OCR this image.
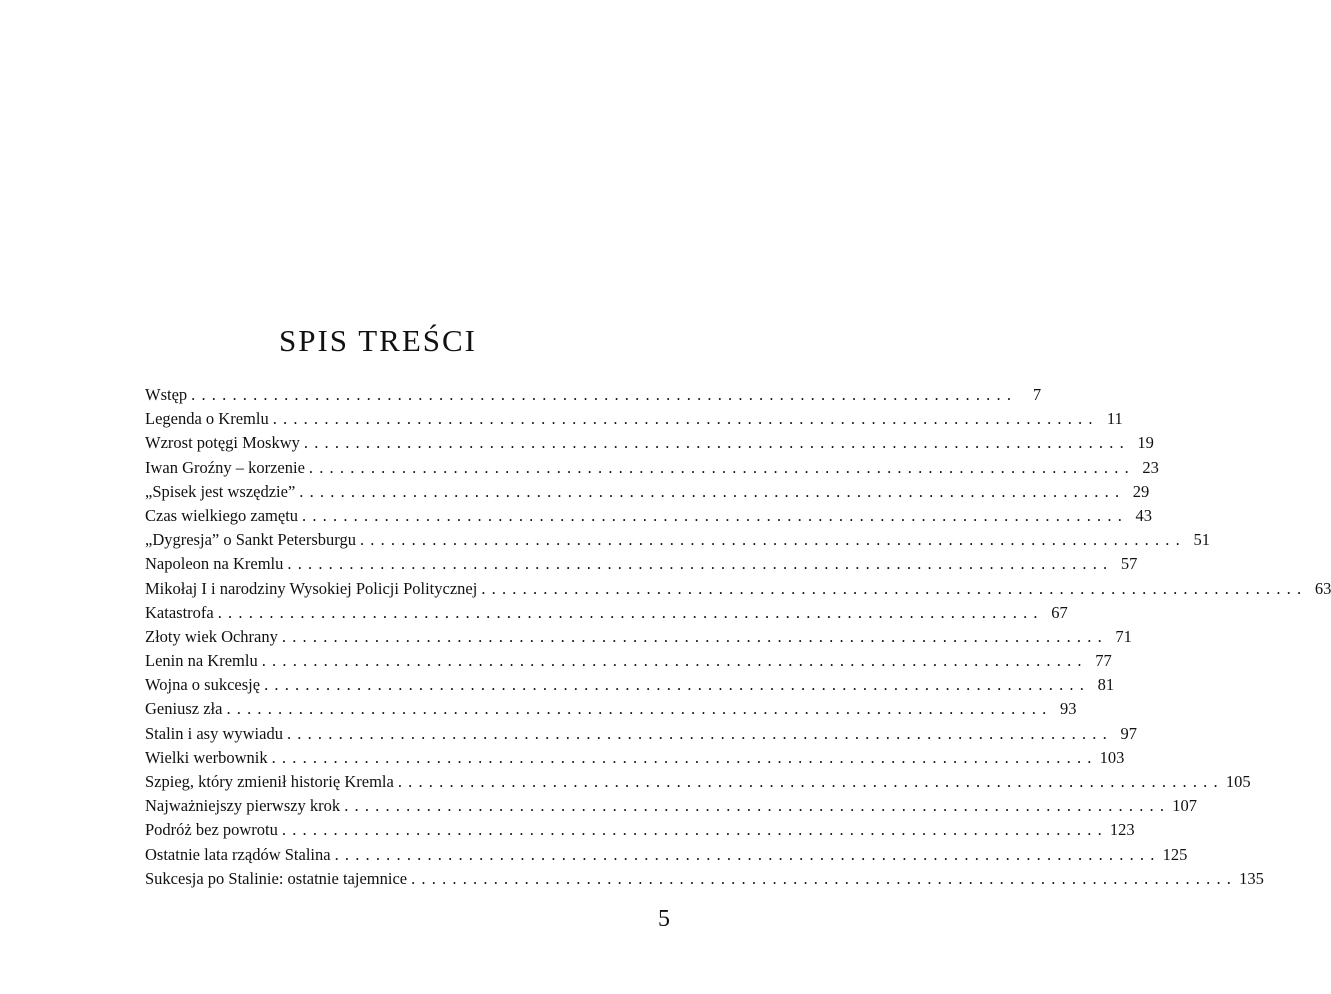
SPIS TREŚCI
Wstęp ................................................................................ 7
Legenda o Kremlu ................................................................................ 11
Wzrost potęgi Moskwy ................................................................................ 19
Iwan Groźny – korzenie ................................................................................ 23
„Spisek jest wszędzie” ................................................................................ 29
Czas wielkiego zamętu ................................................................................ 43
„Dygresja” o Sankt Petersburgu ................................................................................ 51
Napoleon na Kremlu ................................................................................ 57
Mikołaj I i narodziny Wysokiej Policji Politycznej ................................................................................ 63
Katastrofa ................................................................................ 67
Złoty wiek Ochrany ................................................................................ 71
Lenin na Kremlu ................................................................................ 77
Wojna o sukcesję ................................................................................ 81
Geniusz zła ................................................................................ 93
Stalin i asy wywiadu ................................................................................ 97
Wielki werbownik ................................................................................ 103
Szpieg, który zmienił historię Kremla ................................................................................ 105
Najważniejszy pierwszy krok ................................................................................ 107
Podróż bez powrotu ................................................................................ 123
Ostatnie lata rządów Stalina ................................................................................ 125
Sukcesja po Stalinie: ostatnie tajemnice ................................................................................ 135
5
